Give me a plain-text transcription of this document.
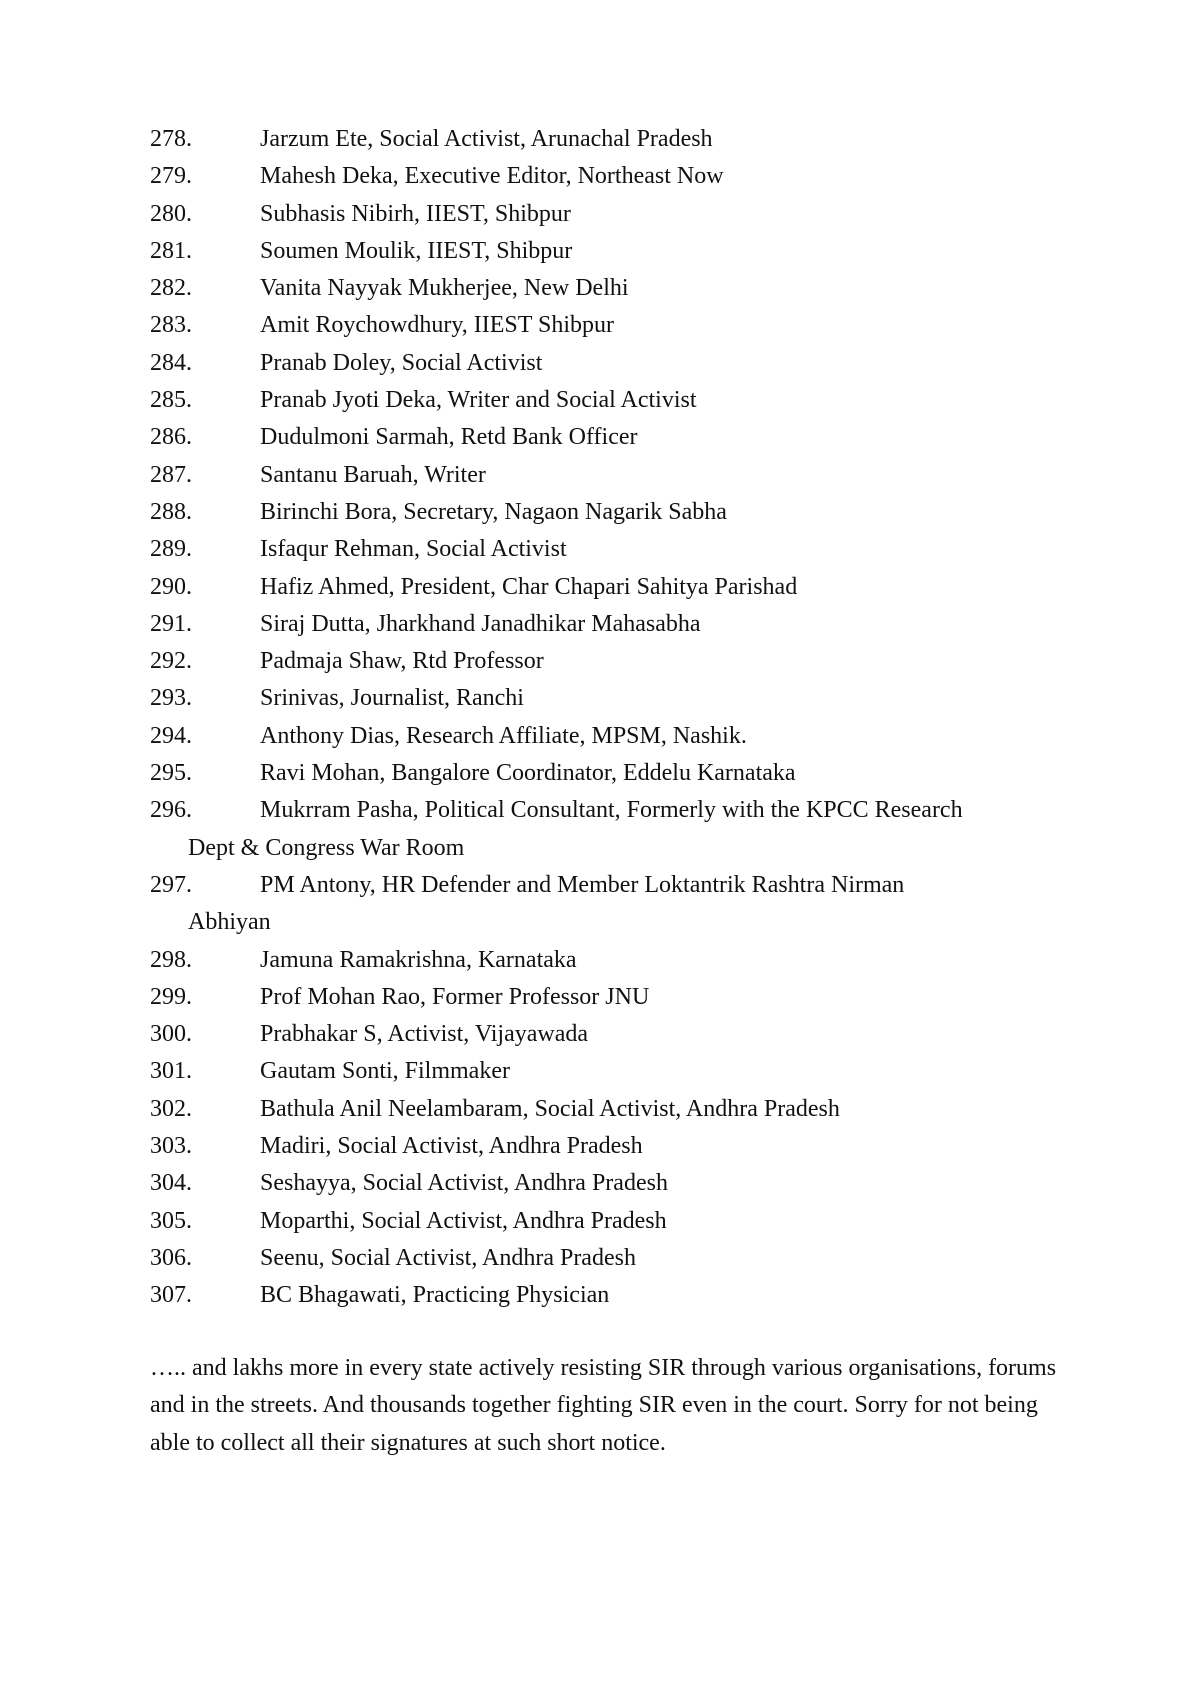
278.	Jarzum Ete, Social Activist, Arunachal Pradesh
279.	Mahesh Deka, Executive Editor, Northeast Now
280.	Subhasis Nibirh, IIEST, Shibpur
281.	Soumen Moulik, IIEST, Shibpur
282.	Vanita Nayyak Mukherjee, New Delhi
283.	Amit Roychowdhury, IIEST Shibpur
284.	Pranab Doley, Social Activist
285.	Pranab Jyoti Deka, Writer and Social Activist
286.	Dudulmoni Sarmah, Retd Bank Officer
287.	Santanu Baruah, Writer
288.	Birinchi Bora, Secretary, Nagaon Nagarik Sabha
289.	Isfaqur Rehman, Social Activist
290.	Hafiz Ahmed, President, Char Chapari Sahitya Parishad
291.	Siraj Dutta, Jharkhand Janadhikar Mahasabha
292.	Padmaja Shaw, Rtd Professor
293.	Srinivas, Journalist, Ranchi
294.	Anthony Dias, Research Affiliate, MPSM, Nashik.
295.	Ravi Mohan, Bangalore Coordinator, Eddelu Karnataka
296.	Mukrram Pasha, Political Consultant, Formerly with the KPCC Research
Dept & Congress War Room
297.	PM Antony, HR Defender and Member Loktantrik Rashtra Nirman
Abhiyan
298.	Jamuna Ramakrishna, Karnataka
299.	Prof Mohan Rao, Former Professor JNU
300.	Prabhakar S, Activist, Vijayawada
301.	Gautam Sonti, Filmmaker
302.	Bathula Anil Neelambaram, Social Activist, Andhra Pradesh
303.	Madiri, Social Activist, Andhra Pradesh
304.	Seshayya, Social Activist, Andhra Pradesh
305.	Moparthi, Social Activist, Andhra Pradesh
306.	Seenu, Social Activist, Andhra Pradesh
307.	BC Bhagawati, Practicing Physician

….. and lakhs more in every state actively resisting SIR through various organisations, forums and in the streets. And thousands together fighting SIR even in the court. Sorry for not being able to collect all their signatures at such short notice.
